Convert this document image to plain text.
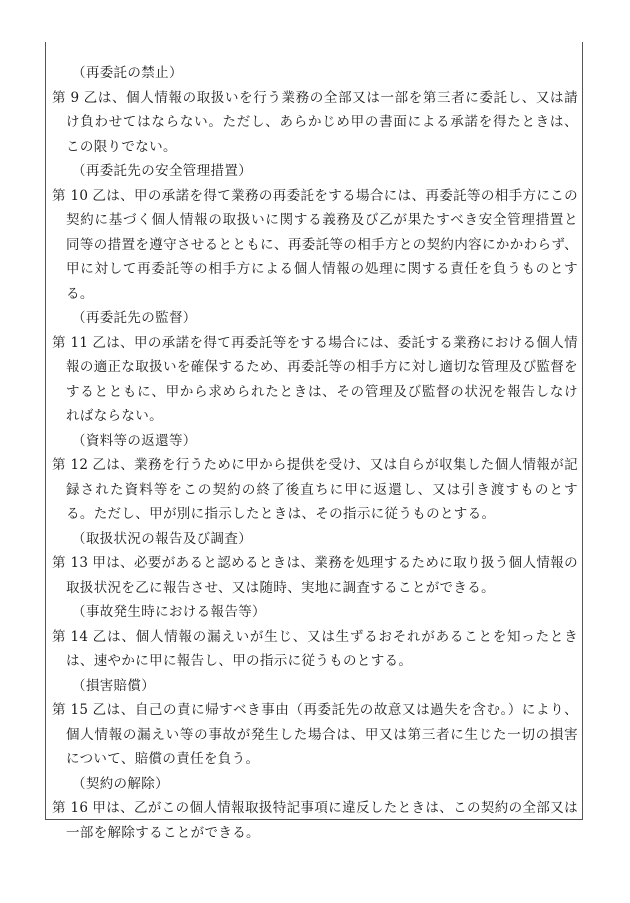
（再委託の禁止）
第 9 乙は、個人情報の取扱いを行う業務の全部又は一部を第三者に委託し、又は請け負わせてはならない。ただし、あらかじめ甲の書面による承諾を得たときは、この限りでない。
（再委託先の安全管理措置）
第 10 乙は、甲の承諾を得て業務の再委託をする場合には、再委託等の相手方にこの契約に基づく個人情報の取扱いに関する義務及び乙が果たすべき安全管理措置と同等の措置を遵守させるとともに、再委託等の相手方との契約内容にかかわらず、甲に対して再委託等の相手方による個人情報の処理に関する責任を負うものとする。
（再委託先の監督）
第 11 乙は、甲の承諾を得て再委託等をする場合には、委託する業務における個人情報の適正な取扱いを確保するため、再委託等の相手方に対し適切な管理及び監督をするとともに、甲から求められたときは、その管理及び監督の状況を報告しなければならない。
（資料等の返還等）
第 12 乙は、業務を行うために甲から提供を受け、又は自らが収集した個人情報が記録された資料等をこの契約の終了後直ちに甲に返還し、又は引き渡すものとする。ただし、甲が別に指示したときは、その指示に従うものとする。
（取扱状況の報告及び調査）
第 13 甲は、必要があると認めるときは、業務を処理するために取り扱う個人情報の取扱状況を乙に報告させ、又は随時、実地に調査することができる。
（事故発生時における報告等）
第 14 乙は、個人情報の漏えいが生じ、又は生ずるおそれがあることを知ったときは、速やかに甲に報告し、甲の指示に従うものとする。
（損害賠償）
第 15 乙は、自己の責に帰すべき事由（再委託先の故意又は過失を含む。）により、個人情報の漏えい等の事故が発生した場合は、甲又は第三者に生じた一切の損害について、賠償の責任を負う。
（契約の解除）
第 16 甲は、乙がこの個人情報取扱特記事項に違反したときは、この契約の全部又は一部を解除することができる。
